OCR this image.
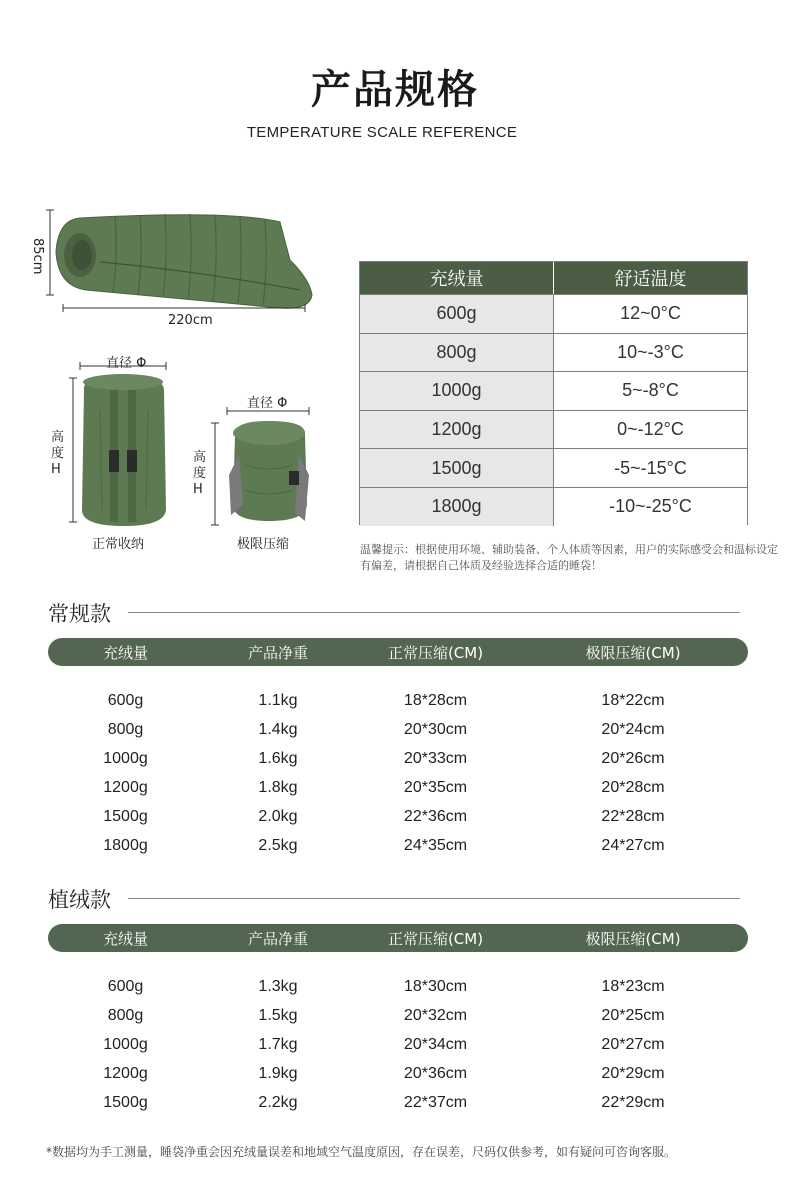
产品规格
TEMPERATURE SCALE REFERENCE
85cm
220cm
直径 Φ
高度
H
正常收纳
直径 Φ
高度
H
极限压缩
充绒量	舒适温度
600g	12~0°C
800g	10~-3°C
1000g	5~-8°C
1200g	0~-12°C
1500g	-5~-15°C
1800g	-10~-25°C
温馨提示：根据使用环境、辅助装备、个人体质等因素，用户的实际感受会和温标设定有偏差，请根据自己体质及经验选择合适的睡袋！
常规款
充绒量	产品净重	正常压缩(CM)	极限压缩(CM)
600g	1.1kg	18*28cm	18*22cm
800g	1.4kg	20*30cm	20*24cm
1000g	1.6kg	20*33cm	20*26cm
1200g	1.8kg	20*35cm	20*28cm
1500g	2.0kg	22*36cm	22*28cm
1800g	2.5kg	24*35cm	24*27cm
植绒款
充绒量	产品净重	正常压缩(CM)	极限压缩(CM)
600g	1.3kg	18*30cm	18*23cm
800g	1.5kg	20*32cm	20*25cm
1000g	1.7kg	20*34cm	20*27cm
1200g	1.9kg	20*36cm	20*29cm
1500g	2.2kg	22*37cm	22*29cm
*数据均为手工测量，睡袋净重会因充绒量误差和地域空气温度原因，存在误差，尺码仅供参考，如有疑问可咨询客服。
